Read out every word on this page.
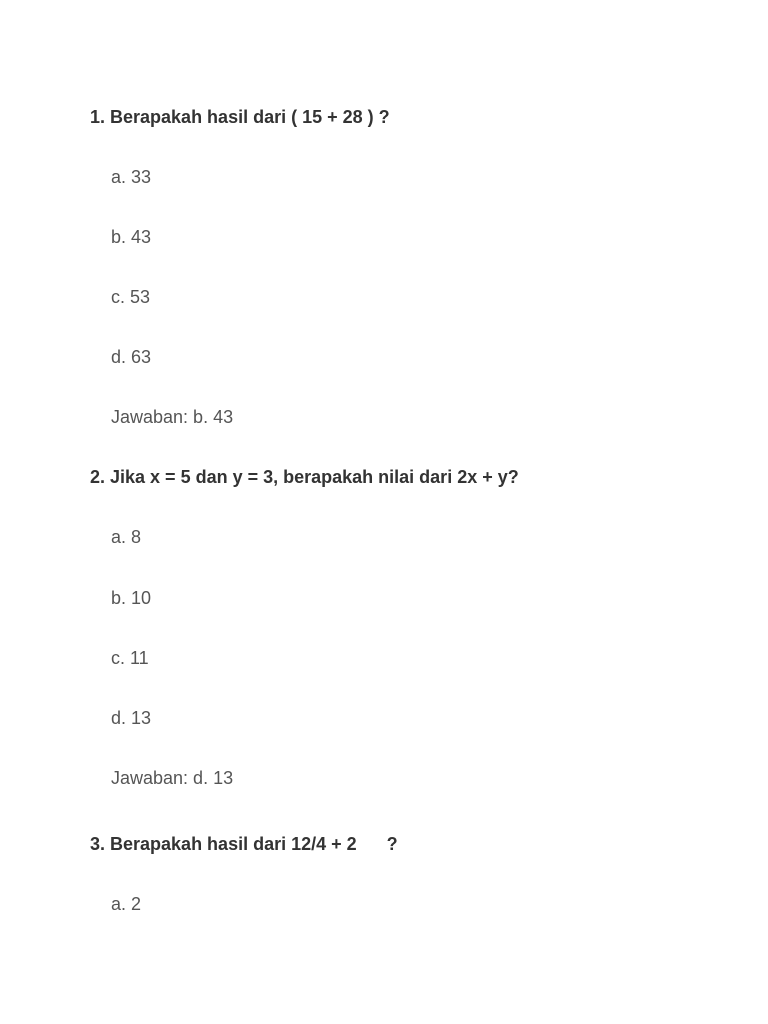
1. Berapakah hasil dari ( 15 + 28 ) ?
a. 33
b. 43
c. 53
d. 63
Jawaban: b. 43
2. Jika x = 5 dan y = 3, berapakah nilai dari 2x + y?
a. 8
b. 10
c. 11
d. 13
Jawaban: d. 13
3. Berapakah hasil dari 12/4 + 2      ?
a. 2
